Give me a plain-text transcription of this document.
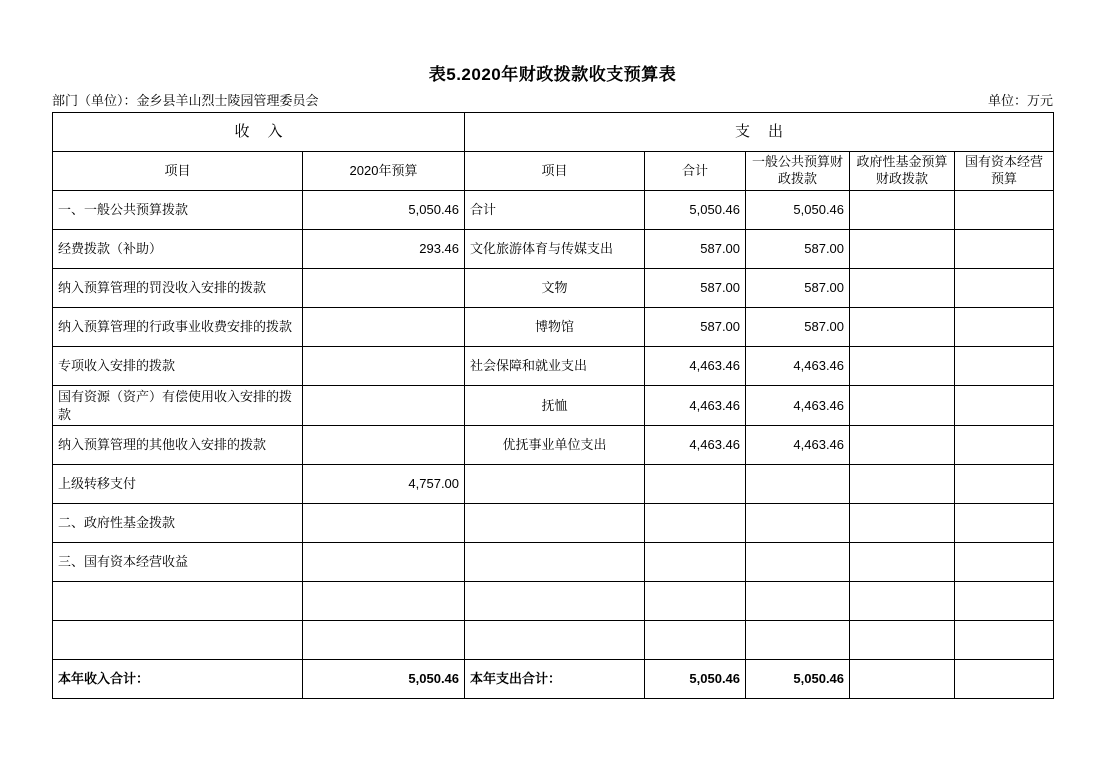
表5.2020年财政拨款收支预算表
部门（单位）：金乡县羊山烈士陵园管理委员会	单位：万元
收入		支出				

项目	2020年预算	项目	合计	一般公共预算财政拨款	政府性基金预算财政拨款	国有资本经营预算

一、一般公共预算拨款	5,050.46	合计	5,050.46	5,050.46		
经费拨款（补助）	293.46	文化旅游体育与传媒支出	587.00	587.00		
纳入预算管理的罚没收入安排的拨款		文物	587.00	587.00		
纳入预算管理的行政事业收费安排的拨款		博物馆	587.00	587.00		
专项收入安排的拨款		社会保障和就业支出	4,463.46	4,463.46		
国有资源（资产）有偿使用收入安排的拨款		抚恤	4,463.46	4,463.46		
纳入预算管理的其他收入安排的拨款		优抚事业单位支出	4,463.46	4,463.46		
上级转移支付	4,757.00					
二、政府性基金拨款						
三、国有资本经营收益						

本年收入合计：	5,050.46	本年支出合计：	5,050.46	5,050.46		
